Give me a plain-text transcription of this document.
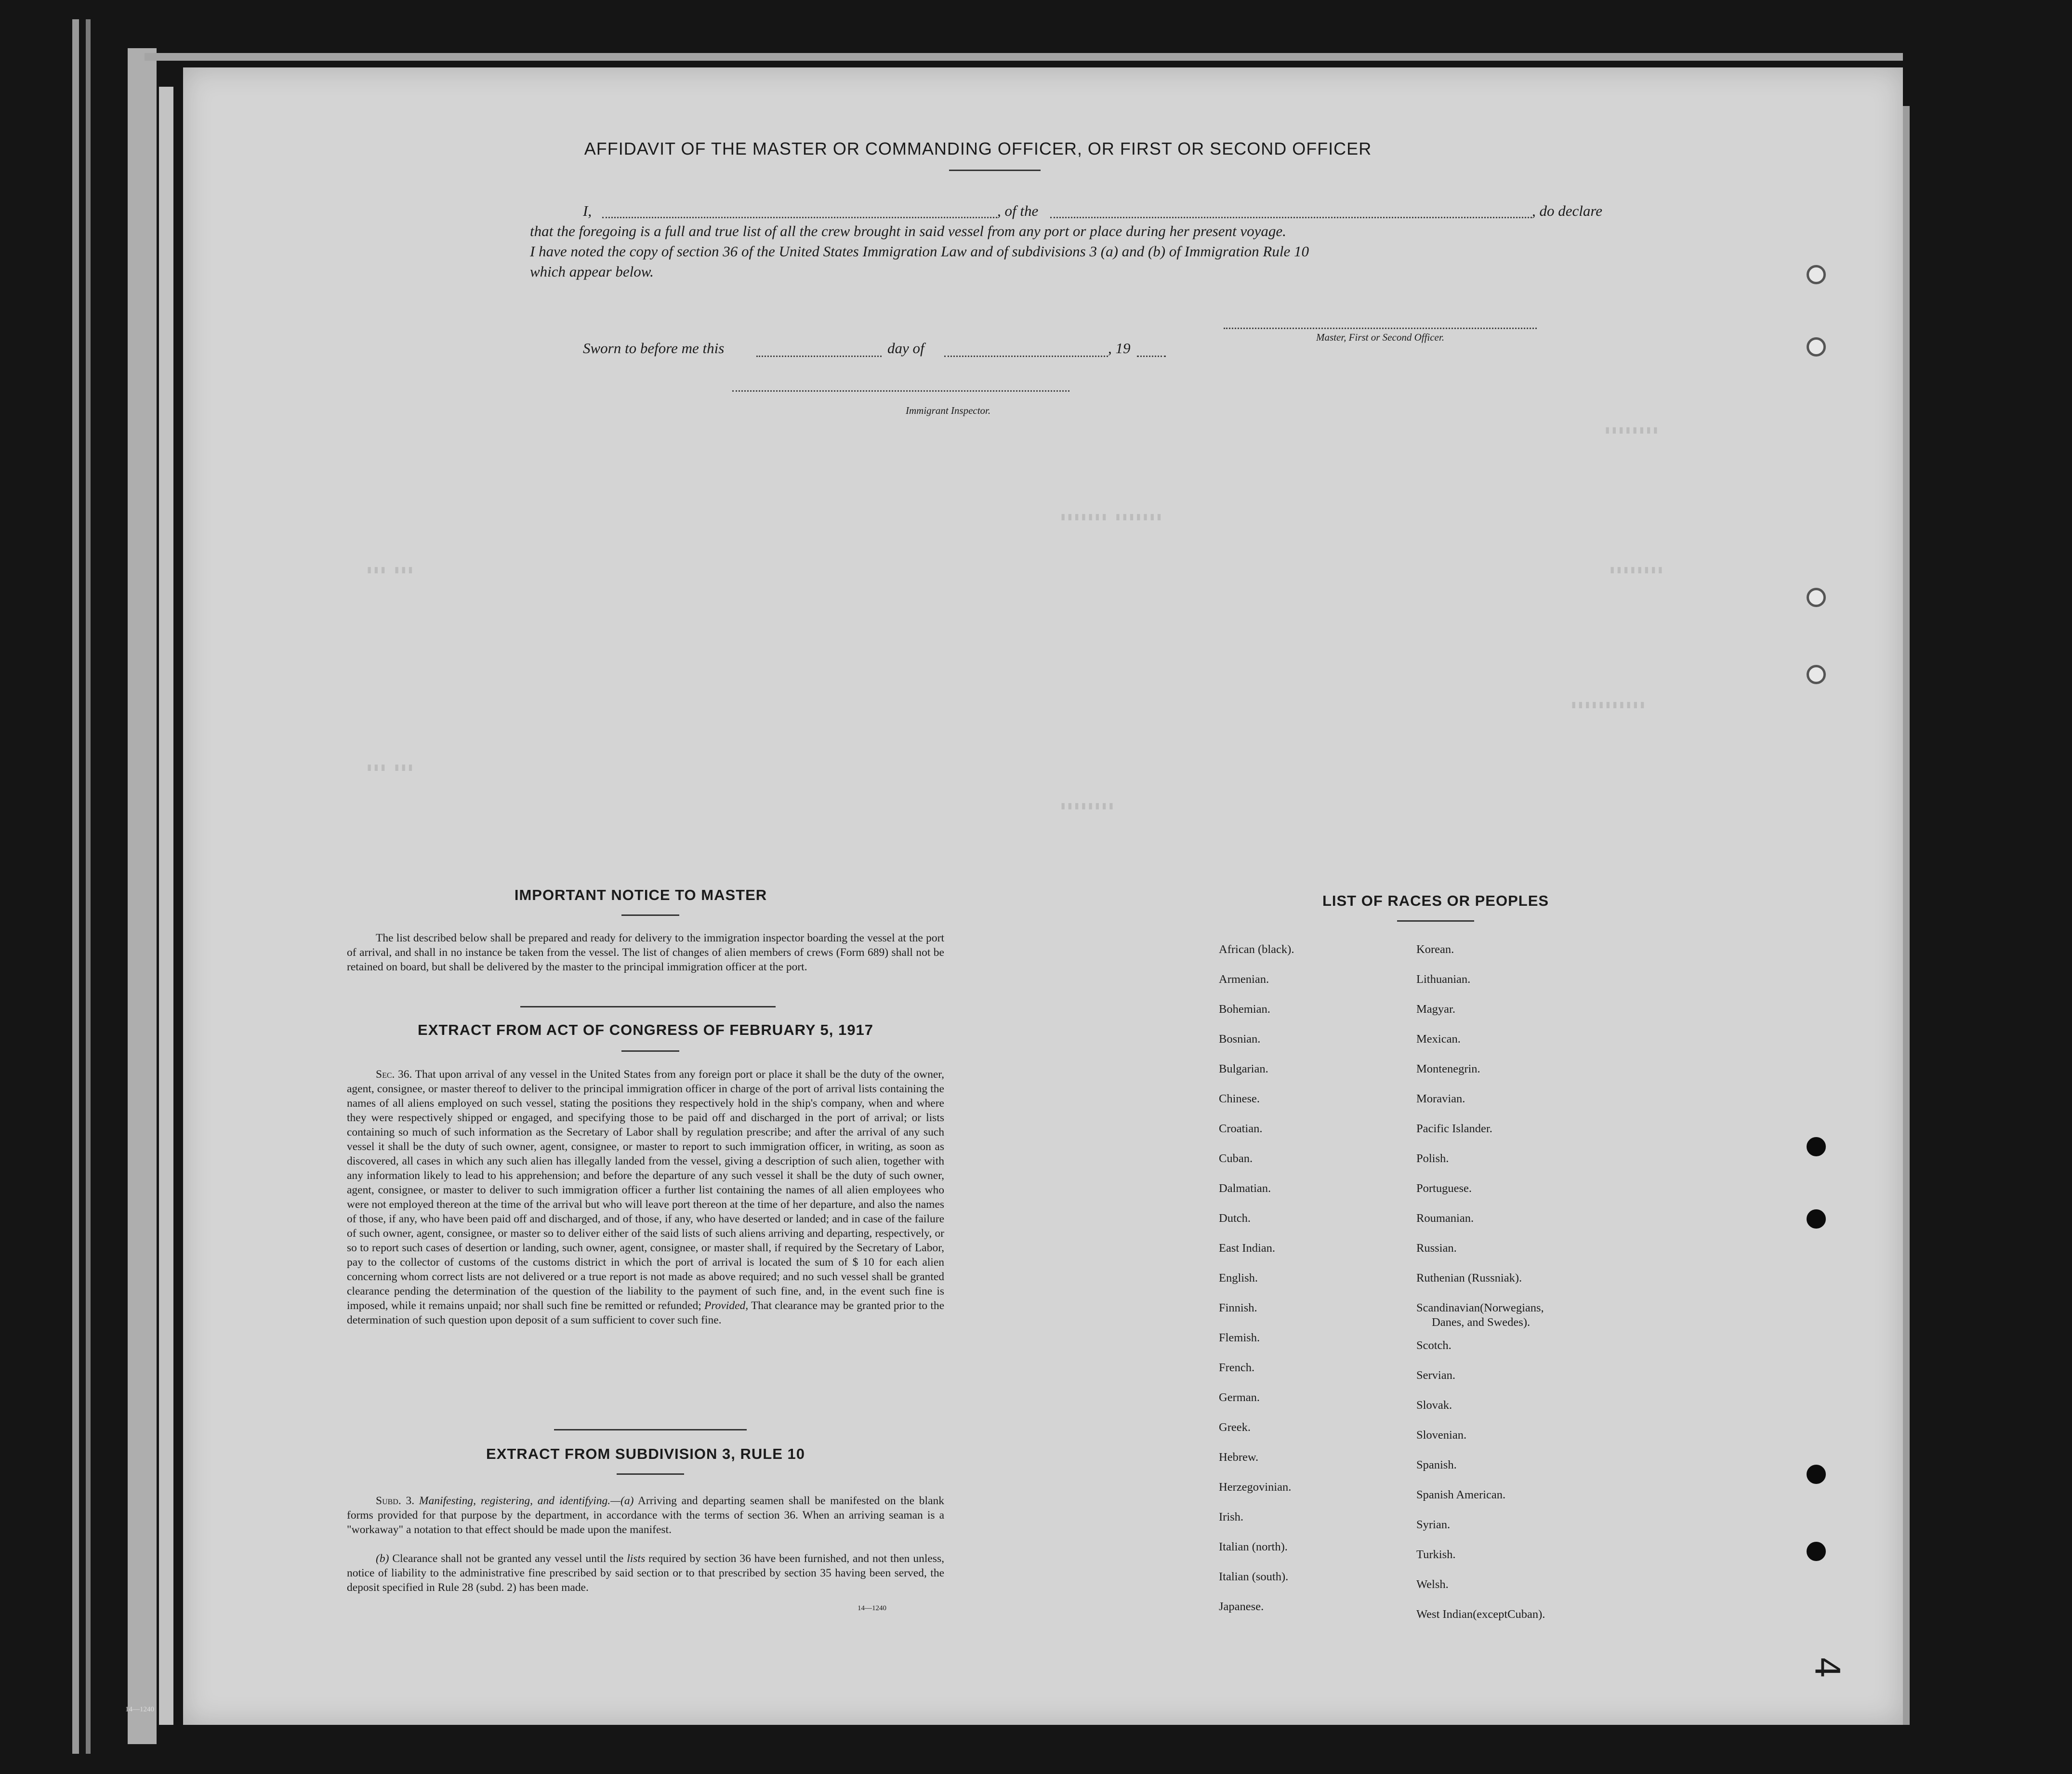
▮▮▮▮▮▮▮▮
▮▮▮▮▮▮▮▮
▮▮▮▮▮▮▮▮▮▮▮
▮▮▮▮▮▮▮ ▮▮▮▮▮▮▮
▮▮▮▮▮▮▮▮
▮▮▮ ▮▮▮
▮▮▮ ▮▮▮
AFFIDAVIT OF THE MASTER OR COMMANDING OFFICER, OR FIRST OR SECOND OFFICER
I,	, of the	, do declare
that the foregoing is a full and true list of all the crew brought in said vessel from any port or place during her present voyage.
I have noted the copy of section 36 of the United States Immigration Law and of subdivisions 3 (a) and (b) of Immigration Rule 10
which appear below.
Master, First or Second Officer.
Sworn to before me this	day of	, 19
Immigrant Inspector.
IMPORTANT NOTICE TO MASTER
The list described below shall be prepared and ready for delivery to the immigration inspector boarding the vessel at the port of arrival, and shall in no instance be taken from the vessel. The list of changes of alien members of crews (Form 689) shall not be retained on board, but shall be delivered by the master to the principal immigration officer at the port.
EXTRACT FROM ACT OF CONGRESS OF FEBRUARY 5, 1917
Sec. 36. That upon arrival of any vessel in the United States from any foreign port or place it shall be the duty of the owner, agent, consignee, or master thereof to deliver to the principal immigration officer in charge of the port of arrival lists containing the names of all aliens employed on such vessel, stating the positions they respectively hold in the ship's company, when and where they were respectively shipped or engaged, and specifying those to be paid off and discharged in the port of arrival; or lists containing so much of such information as the Secretary of Labor shall by regulation prescribe; and after the arrival of any such vessel it shall be the duty of such owner, agent, consignee, or master to report to such immigration officer, in writing, as soon as discovered, all cases in which any such alien has illegally landed from the vessel, giving a description of such alien, together with any information likely to lead to his apprehension; and before the departure of any such vessel it shall be the duty of such owner, agent, consignee, or master to deliver to such immigration officer a further list containing the names of all alien employees who were not employed thereon at the time of the arrival but who will leave port thereon at the time of her departure, and also the names of those, if any, who have been paid off and discharged, and of those, if any, who have deserted or landed; and in case of the failure of such owner, agent, consignee, or master so to deliver either of the said lists of such aliens arriving and departing, respectively, or so to report such cases of desertion or landing, such owner, agent, consignee, or master shall, if required by the Secretary of Labor, pay to the collector of customs of the customs district in which the port of arrival is located the sum of $ 10 for each alien concerning whom correct lists are not delivered or a true report is not made as above required; and no such vessel shall be granted clearance pending the determination of the question of the liability to the payment of such fine, and, in the event such fine is imposed, while it remains unpaid; nor shall such fine be remitted or refunded; Provided, That clearance may be granted prior to the determination of such question upon deposit of a sum sufficient to cover such fine.
EXTRACT FROM SUBDIVISION 3, RULE 10
Subd. 3. Manifesting, registering, and identifying.—(a) Arriving and departing seamen shall be manifested on the blank forms provided for that purpose by the department, in accordance with the terms of section 36. When an arriving seaman is a "workaway" a notation to that effect should be made upon the manifest.
(b) Clearance shall not be granted any vessel until the lists required by section 36 have been furnished, and not then unless, notice of liability to the administrative fine prescribed by said section or to that prescribed by section 35 having been served, the deposit specified in Rule 28 (subd. 2) has been made.
14—1240
LIST OF RACES OR PEOPLES
African (black).
Armenian.
Bohemian.
Bosnian.
Bulgarian.
Chinese.
Croatian.
Cuban.
Dalmatian.
Dutch.
East Indian.
English.
Finnish.
Flemish.
French.
German.
Greek.
Hebrew.
Herzegovinian.
Irish.
Italian (north).
Italian (south).
Japanese.
Korean.
Lithuanian.
Magyar.
Mexican.
Montenegrin.
Moravian.
Pacific Islander.
Polish.
Portuguese.
Roumanian.
Russian.
Ruthenian (Russniak).
Scandinavian(Norwegians,
Danes, and Swedes).
Scotch.
Servian.
Slovak.
Slovenian.
Spanish.
Spanish American.
Syrian.
Turkish.
Welsh.
West Indian(exceptCuban).
4
14—1240
